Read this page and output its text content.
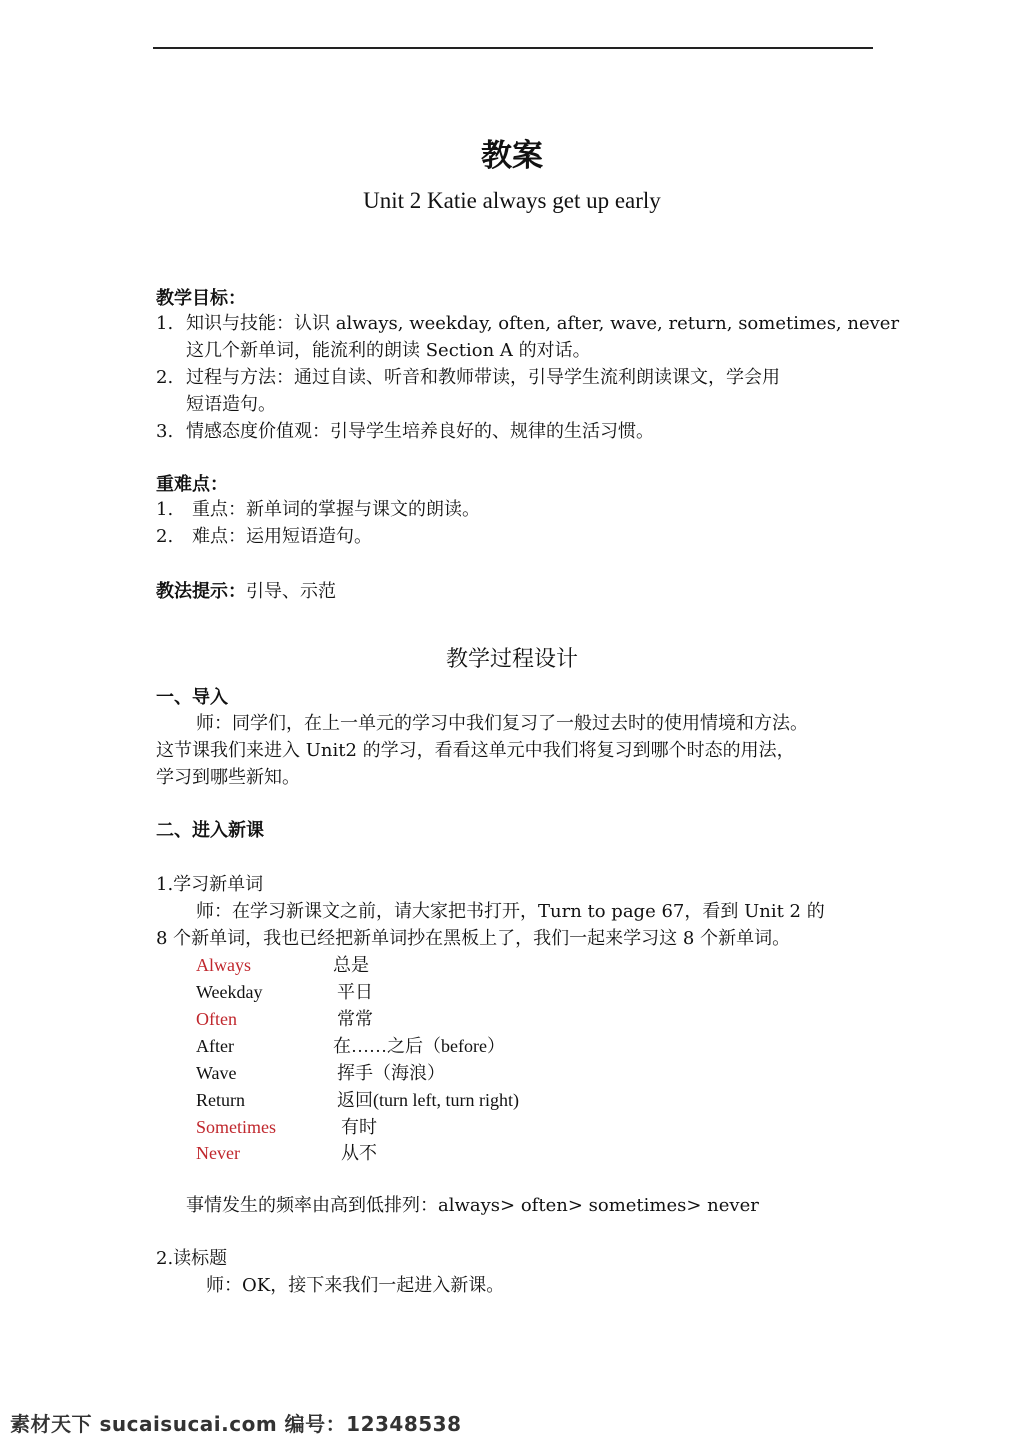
教案
Unit 2 Katie always get up early
教学目标：
1. 知识与技能：认识 always, weekday, often, after, wave, return, sometimes, never
这几个新单词，能流利的朗读 Section A 的对话。
2. 过程与方法：通过自读、听音和教师带读，引导学生流利朗读课文，学会用
短语造句。
3. 情感态度价值观：引导学生培养良好的、规律的生活习惯。
重难点：
1. 重点：新单词的掌握与课文的朗读。
2. 难点：运用短语造句。
教法提示：引导、示范
教学过程设计
一、导入
师：同学们，在上一单元的学习中我们复习了一般过去时的使用情境和方法。
这节课我们来进入 Unit2 的学习，看看这单元中我们将复习到哪个时态的用法，
学习到哪些新知。
二、进入新课
1.学习新单词
师：在学习新课文之前，请大家把书打开，Turn to page 67，看到 Unit 2 的
8 个新单词，我也已经把新单词抄在黑板上了，我们一起来学习这 8 个新单词。
Always	总是
Weekday	平日
Often	常常
After	在……之后（before）
Wave	挥手（海浪）
Return	返回(turn left, turn right)
Sometimes	有时
Never	从不
事情发生的频率由高到低排列：always> often> sometimes> never
2.读标题
师：OK，接下来我们一起进入新课。
素材天下 sucaisucai.com 编号：12348538
